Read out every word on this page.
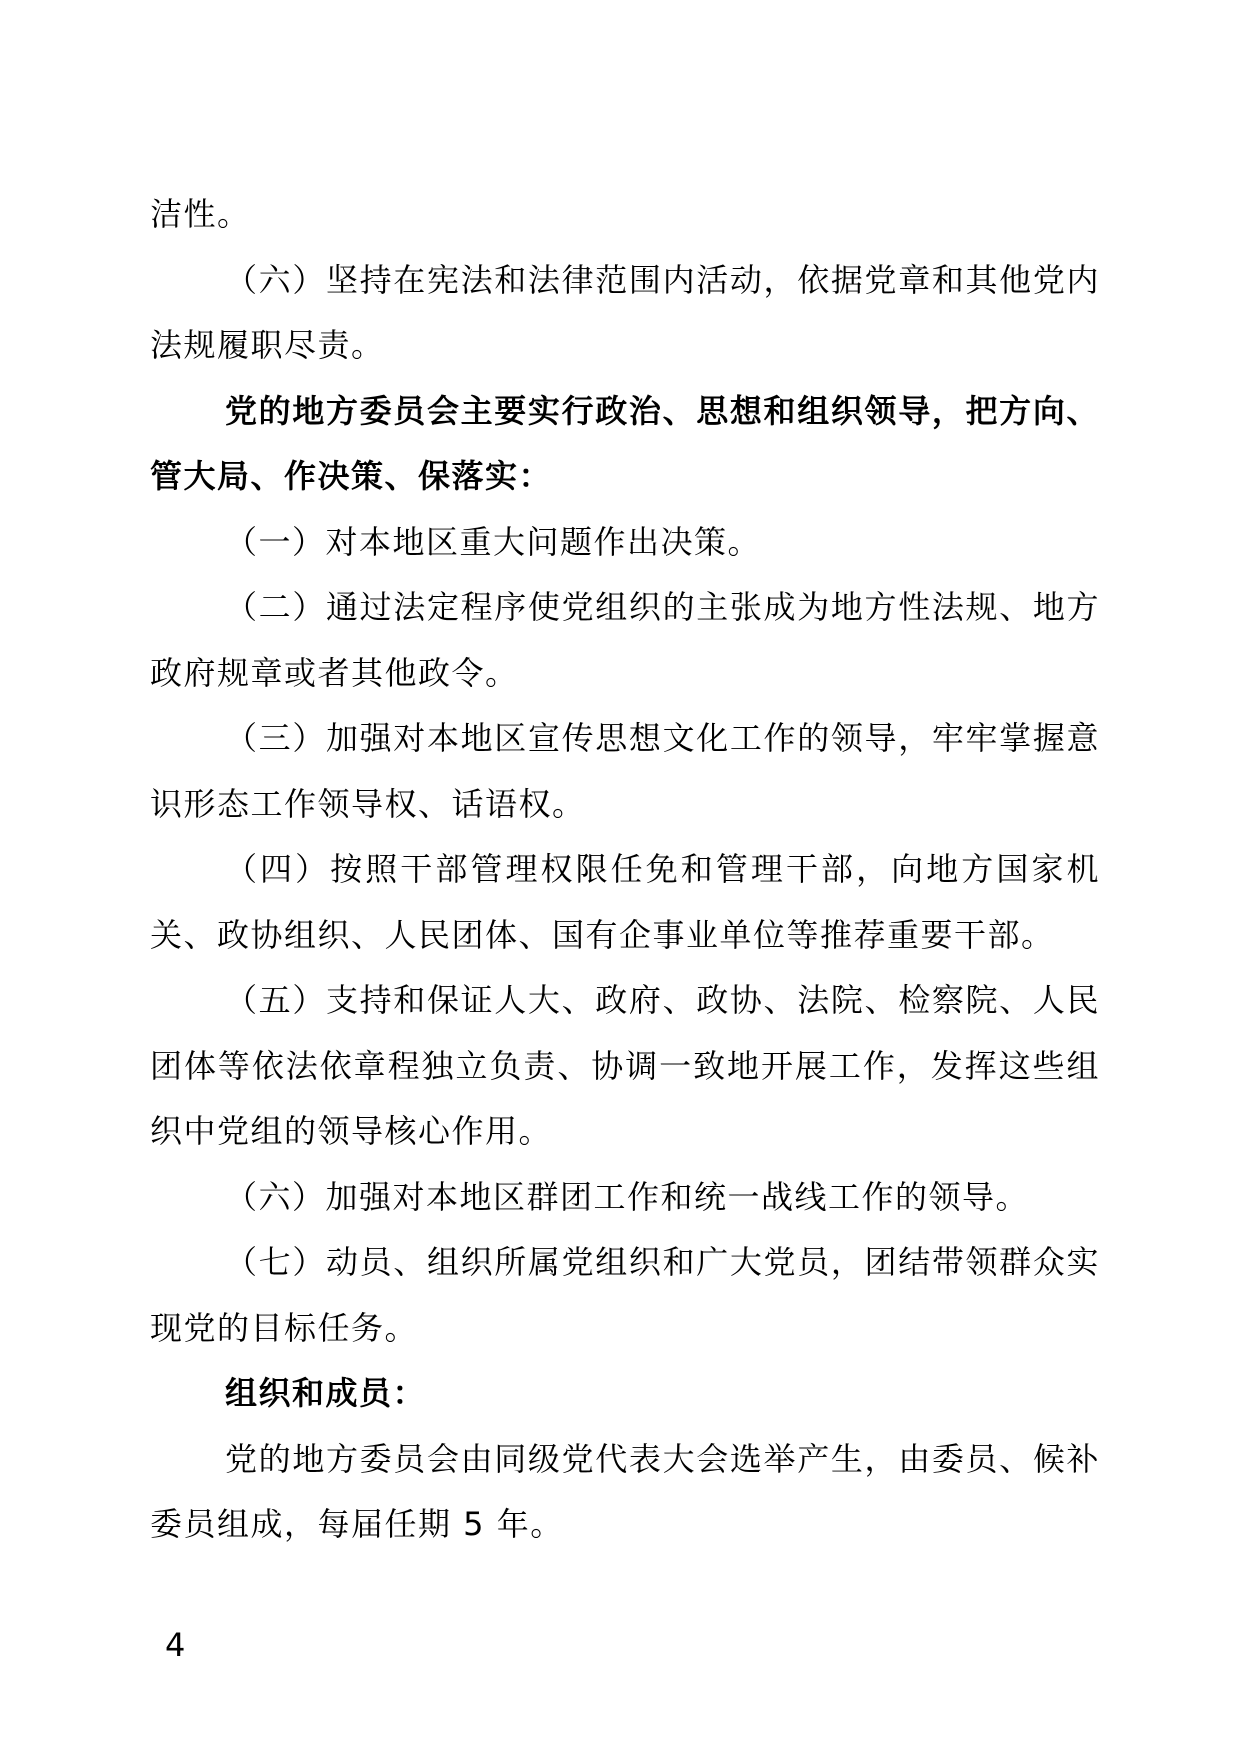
洁性。

（六）坚持在宪法和法律范围内活动，依据党章和其他党内法规履职尽责。

党的地方委员会主要实行政治、思想和组织领导，把方向、管大局、作决策、保落实：

（一）对本地区重大问题作出决策。

（二）通过法定程序使党组织的主张成为地方性法规、地方政府规章或者其他政令。

（三）加强对本地区宣传思想文化工作的领导，牢牢掌握意识形态工作领导权、话语权。

（四）按照干部管理权限任免和管理干部，向地方国家机关、政协组织、人民团体、国有企事业单位等推荐重要干部。

（五）支持和保证人大、政府、政协、法院、检察院、人民团体等依法依章程独立负责、协调一致地开展工作，发挥这些组织中党组的领导核心作用。

（六）加强对本地区群团工作和统一战线工作的领导。

（七）动员、组织所属党组织和广大党员，团结带领群众实现党的目标任务。

组织和成员：

党的地方委员会由同级党代表大会选举产生，由委员、候补委员组成，每届任期 5 年。

4
